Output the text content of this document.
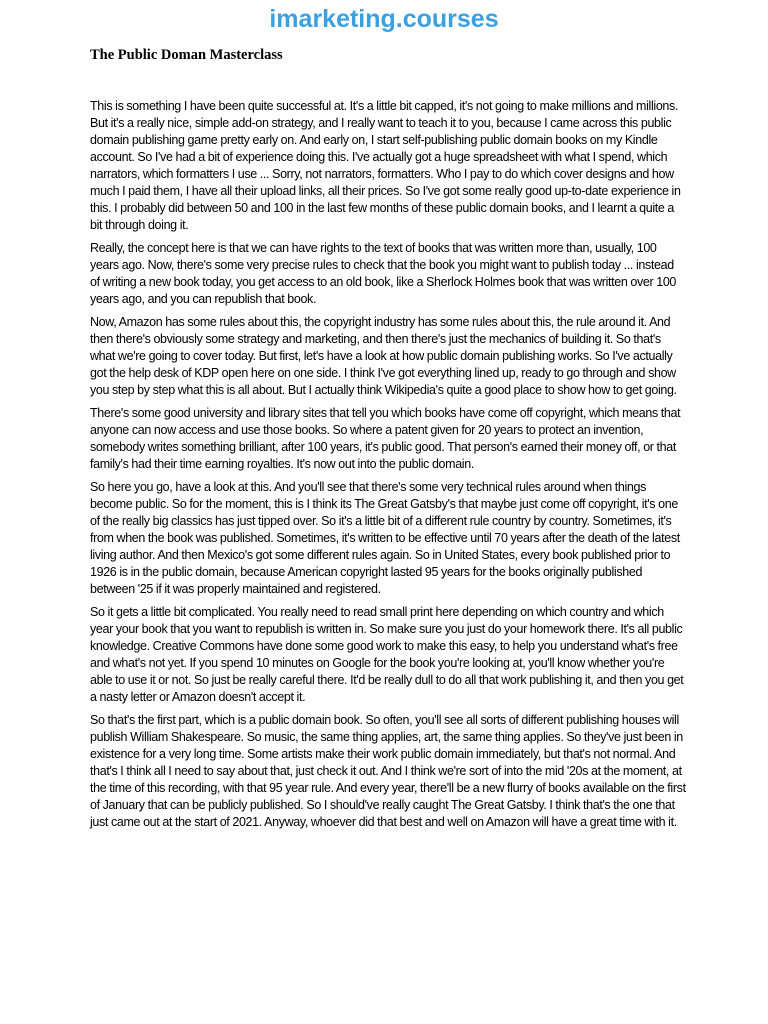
imarketing.courses
The Public Doman Masterclass

This is something I have been quite successful at. It's a little bit capped, it's not going to make millions and millions. But it's a really nice, simple add-on strategy, and I really want to teach it to you, because I came across this public domain publishing game pretty early on. And early on, I start self-publishing public domain books on my Kindle account. So I've had a bit of experience doing this. I've actually got a huge spreadsheet with what I spend, which narrators, which formatters I use ... Sorry, not narrators, formatters. Who I pay to do which cover designs and how much I paid them, I have all their upload links, all their prices. So I've got some really good up-to-date experience in this. I probably did between 50 and 100 in the last few months of these public domain books, and I learnt a quite a bit through doing it.

Really, the concept here is that we can have rights to the text of books that was written more than, usually, 100 years ago. Now, there's some very precise rules to check that the book you might want to publish today ... instead of writing a new book today, you get access to an old book, like a Sherlock Holmes book that was written over 100 years ago, and you can republish that book.

Now, Amazon has some rules about this, the copyright industry has some rules about this, the rule around it. And then there's obviously some strategy and marketing, and then there's just the mechanics of building it. So that's what we're going to cover today. But first, let's have a look at how public domain publishing works. So I've actually got the help desk of KDP open here on one side. I think I've got everything lined up, ready to go through and show you step by step what this is all about. But I actually think Wikipedia's quite a good place to show how to get going.

There's some good university and library sites that tell you which books have come off copyright, which means that anyone can now access and use those books. So where a patent given for 20 years to protect an invention, somebody writes something brilliant, after 100 years, it's public good. That person's earned their money off, or that family's had their time earning royalties. It's now out into the public domain.

So here you go, have a look at this. And you'll see that there's some very technical rules around when things become public. So for the moment, this is I think its The Great Gatsby's that maybe just come off copyright, it's one of the really big classics has just tipped over. So it's a little bit of a different rule country by country. Sometimes, it's from when the book was published. Sometimes, it's written to be effective until 70 years after the death of the latest living author. And then Mexico's got some different rules again. So in United States, every book published prior to 1926 is in the public domain, because American copyright lasted 95 years for the books originally published between '25 if it was properly maintained and registered.

So it gets a little bit complicated. You really need to read small print here depending on which country and which year your book that you want to republish is written in. So make sure you just do your homework there. It's all public knowledge. Creative Commons have done some good work to make this easy, to help you understand what's free and what's not yet. If you spend 10 minutes on Google for the book you're looking at, you'll know whether you're able to use it or not. So just be really careful there. It'd be really dull to do all that work publishing it, and then you get a nasty letter or Amazon doesn't accept it.

So that's the first part, which is a public domain book. So often, you'll see all sorts of different publishing houses will publish William Shakespeare. So music, the same thing applies, art, the same thing applies. So they've just been in existence for a very long time. Some artists make their work public domain immediately, but that's not normal. And that's I think all I need to say about that, just check it out. And I think we're sort of into the mid '20s at the moment, at the time of this recording, with that 95 year rule. And every year, there'll be a new flurry of books available on the first of January that can be publicly published. So I should've really caught The Great Gatsby. I think that's the one that just came out at the start of 2021. Anyway, whoever did that best and well on Amazon will have a great time with it.
